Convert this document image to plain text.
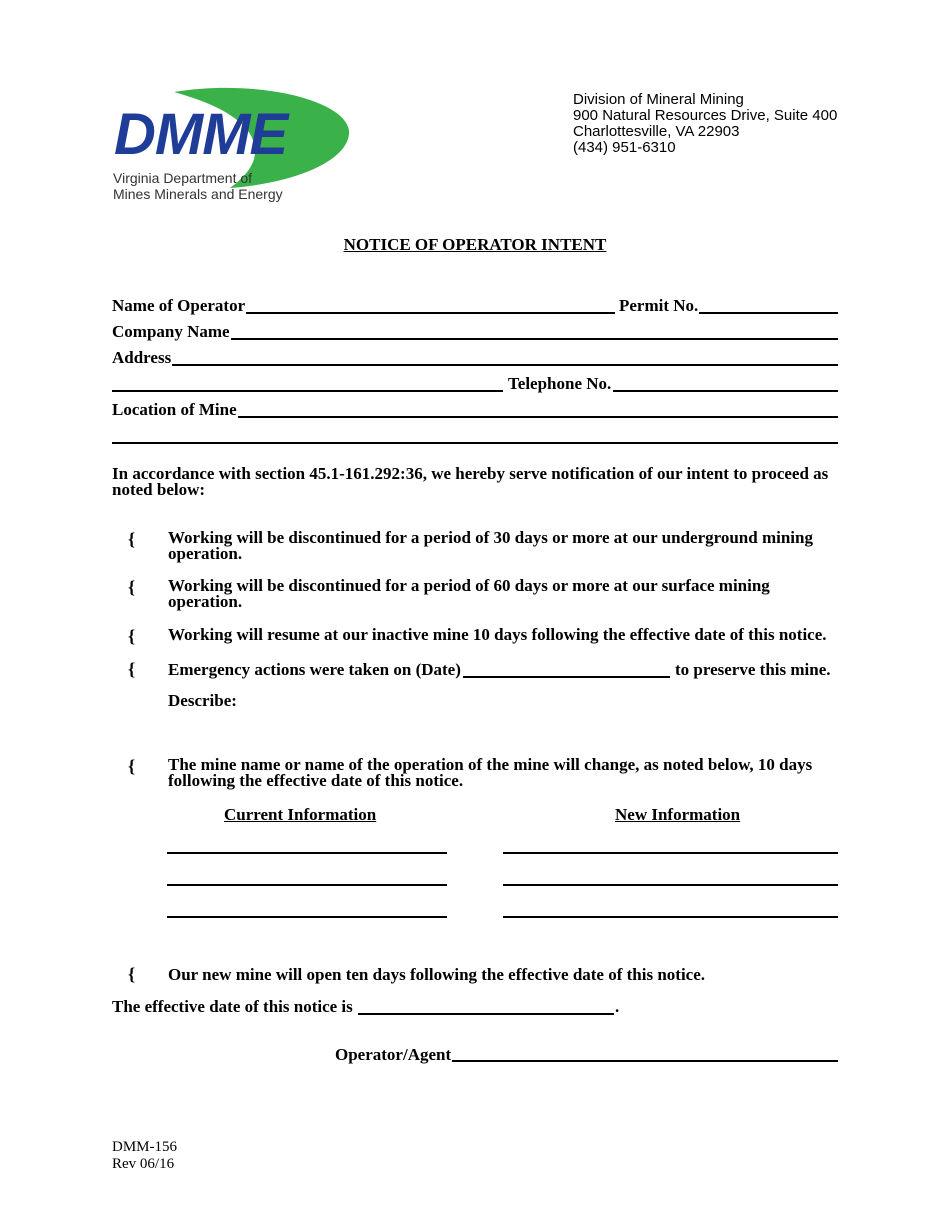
DMME
Virginia Department of
Mines Minerals and Energy
Division of Mineral Mining
900 Natural Resources Drive, Suite 400
Charlottesville, VA 22903
(434) 951-6310
NOTICE OF OPERATOR INTENT
Name of Operator	Permit No.
Company Name
Address
Telephone No.
Location of Mine
In accordance with section 45.1-161.292:36, we hereby serve notification of our intent to proceed as noted below:
{ Working will be discontinued for a period of 30 days or more at our underground mining operation.
{ Working will be discontinued for a period of 60 days or more at our surface mining operation.
{ Working will resume at our inactive mine 10 days following the effective date of this notice.
{ Emergency actions were taken on (Date)	to preserve this mine.
Describe:
{ The mine name or name of the operation of the mine will change, as noted below, 10 days following the effective date of this notice.
Current Information	New Information
{ Our new mine will open ten days following the effective date of this notice.
The effective date of this notice is	.
Operator/Agent
DMM-156
Rev 06/16
